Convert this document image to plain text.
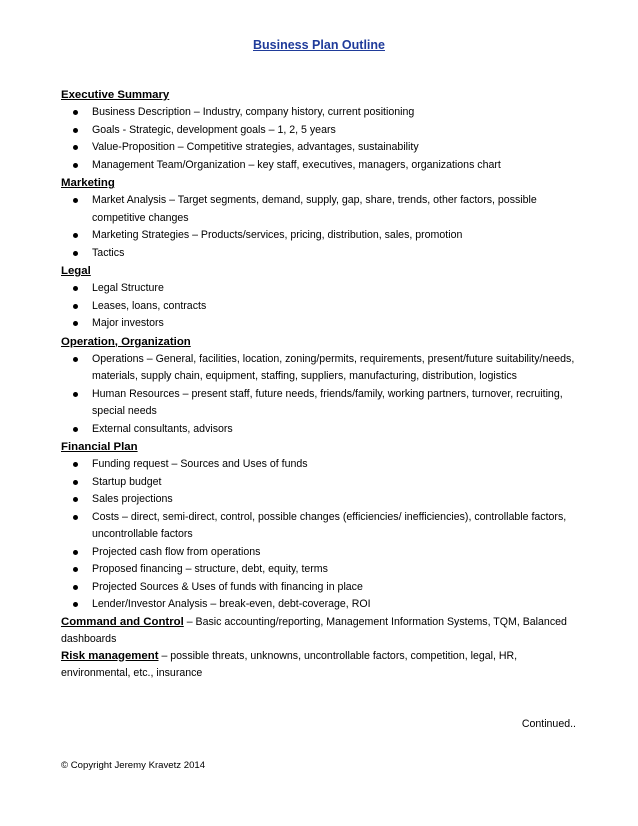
Business Plan Outline
Executive Summary
Business Description – Industry, company history, current positioning
Goals - Strategic, development goals – 1, 2, 5 years
Value-Proposition – Competitive strategies, advantages, sustainability
Management Team/Organization – key staff, executives, managers, organizations chart
Marketing
Market Analysis – Target segments, demand, supply, gap, share, trends, other factors, possible competitive changes
Marketing Strategies – Products/services, pricing, distribution, sales, promotion
Tactics
Legal
Legal Structure
Leases, loans, contracts
Major investors
Operation, Organization
Operations – General, facilities, location, zoning/permits, requirements, present/future suitability/needs, materials, supply chain, equipment, staffing, suppliers, manufacturing, distribution, logistics
Human Resources – present staff, future needs, friends/family, working partners, turnover, recruiting, special needs
External consultants, advisors
Financial Plan
Funding request – Sources and Uses of funds
Startup budget
Sales projections
Costs – direct, semi-direct, control, possible changes (efficiencies/ inefficiencies), controllable factors, uncontrollable factors
Projected cash flow from operations
Proposed financing – structure, debt, equity, terms
Projected Sources & Uses of funds with financing in place
Lender/Investor Analysis – break-even, debt-coverage, ROI
Command and Control – Basic accounting/reporting, Management Information Systems, TQM, Balanced dashboards
Risk management – possible threats, unknowns, uncontrollable factors, competition, legal, HR, environmental, etc., insurance
Continued..
© Copyright Jeremy Kravetz 2014
